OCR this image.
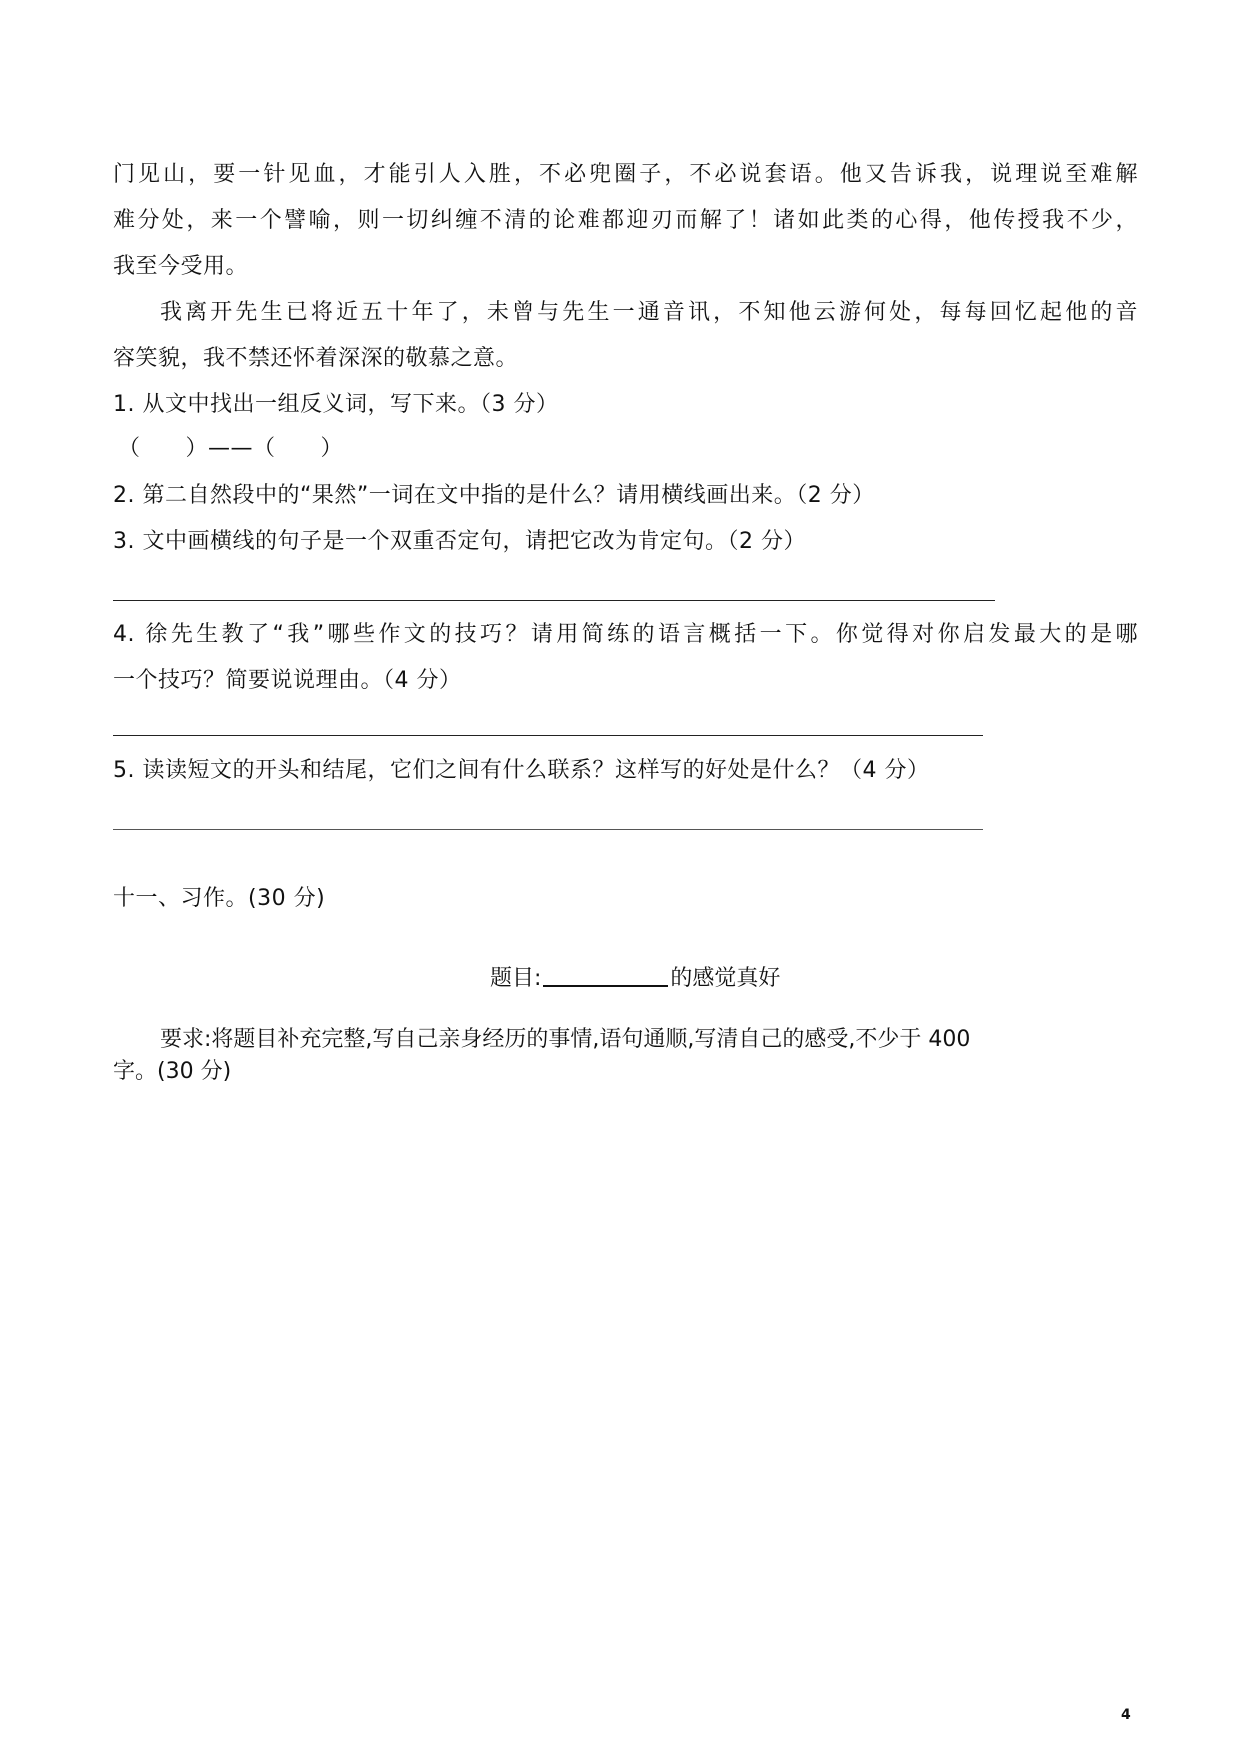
门见山，要一针见血，才能引人入胜，不必兜圈子，不必说套语。他又告诉我，说理说至难解
难分处，来一个譬喻，则一切纠缠不清的论难都迎刃而解了！诸如此类的心得，他传授我不少，
我至今受用。
我离开先生已将近五十年了，未曾与先生一通音讯，不知他云游何处，每每回忆起他的音
容笑貌，我不禁还怀着深深的敬慕之意。
1. 从文中找出一组反义词，写下来。（3 分）
（　　）——（　　）
2. 第二自然段中的“果然”一词在文中指的是什么？请用横线画出来。（2 分）
3. 文中画横线的句子是一个双重否定句，请把它改为肯定句。（2 分）
4. 徐先生教了“我”哪些作文的技巧？请用简练的语言概括一下。你觉得对你启发最大的是哪
一个技巧？简要说说理由。（4 分）
5. 读读短文的开头和结尾，它们之间有什么联系？这样写的好处是什么？（4 分）
十一、习作。(30 分)
题目:	的感觉真好
要求:将题目补充完整,写自己亲身经历的事情,语句通顺,写清自己的感受,不少于 400
字。(30 分)
4
